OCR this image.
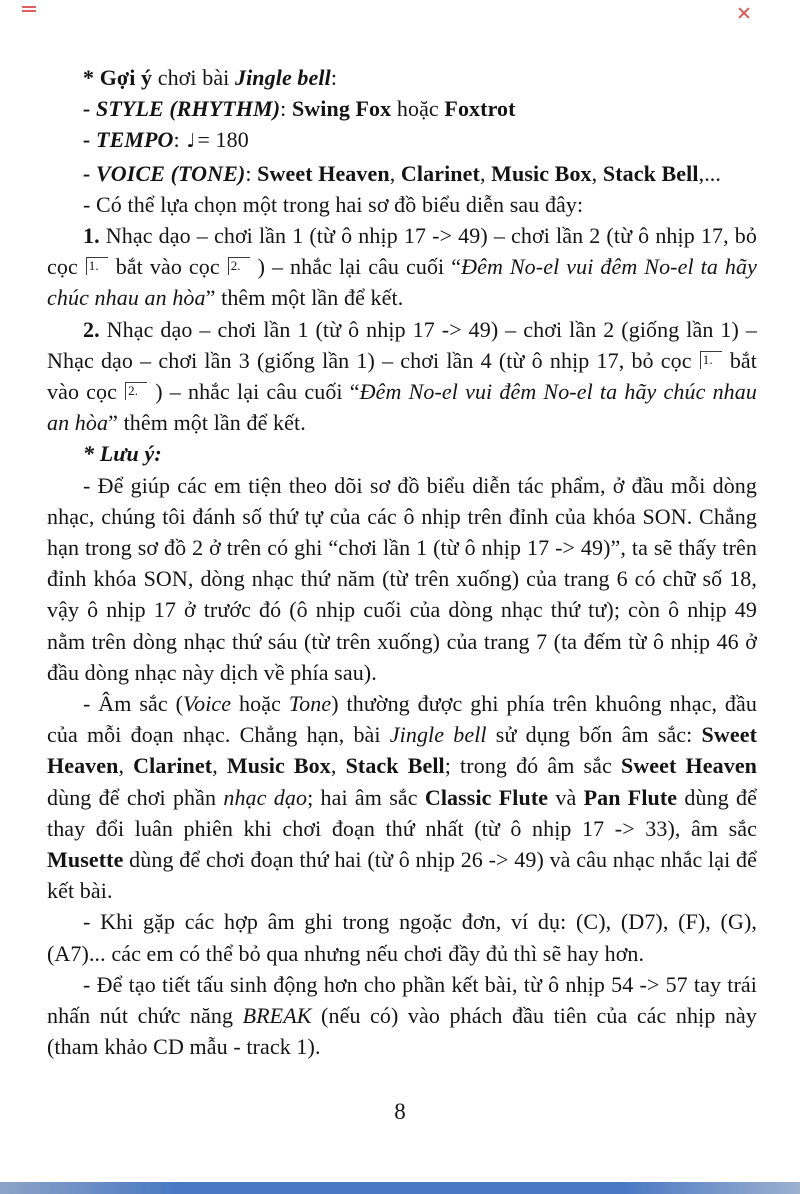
* Gợi ý chơi bài Jingle bell:

- STYLE (RHYTHM): Swing Fox hoặc Foxtrot

- TEMPO: ♩= 180

- VOICE (TONE): Sweet Heaven, Clarinet, Music Box, Stack Bell,...

- Có thể lựa chọn một trong hai sơ đồ biểu diễn sau đây:

1. Nhạc dạo – chơi lần 1 (từ ô nhịp 17 -> 49) – chơi lần 2 (từ ô nhịp 17, bỏ cọc 1. bắt vào cọc 2. ) – nhắc lại câu cuối “Đêm No-el vui đêm No-el ta hãy chúc nhau an hòa” thêm một lần để kết.

2. Nhạc dạo – chơi lần 1 (từ ô nhịp 17 -> 49) – chơi lần 2 (giống lần 1) – Nhạc dạo – chơi lần 3 (giống lần 1) – chơi lần 4 (từ ô nhịp 17, bỏ cọc 1. bắt vào cọc 2. ) – nhắc lại câu cuối “Đêm No-el vui đêm No-el ta hãy chúc nhau an hòa” thêm một lần để kết.

* Lưu ý:

- Để giúp các em tiện theo dõi sơ đồ biểu diễn tác phẩm, ở đầu mỗi dòng nhạc, chúng tôi đánh số thứ tự của các ô nhịp trên đỉnh của khóa SON. Chẳng hạn trong sơ đồ 2 ở trên có ghi “chơi lần 1 (từ ô nhịp 17 -> 49)”, ta sẽ thấy trên đỉnh khóa SON, dòng nhạc thứ năm (từ trên xuống) của trang 6 có chữ số 18, vậy ô nhịp 17 ở trước đó (ô nhịp cuối của dòng nhạc thứ tư); còn ô nhịp 49 nằm trên dòng nhạc thứ sáu (từ trên xuống) của trang 7 (ta đếm từ ô nhịp 46 ở đầu dòng nhạc này dịch về phía sau).

- Âm sắc (Voice hoặc Tone) thường được ghi phía trên khuông nhạc, đầu của mỗi đoạn nhạc. Chẳng hạn, bài Jingle bell sử dụng bốn âm sắc: Sweet Heaven, Clarinet, Music Box, Stack Bell; trong đó âm sắc Sweet Heaven dùng để chơi phần nhạc dạo; hai âm sắc Classic Flute và Pan Flute dùng để thay đổi luân phiên khi chơi đoạn thứ nhất (từ ô nhịp 17 -> 33), âm sắc Musette dùng để chơi đoạn thứ hai (từ ô nhịp 26 -> 49) và câu nhạc nhắc lại để kết bài.

- Khi gặp các hợp âm ghi trong ngoặc đơn, ví dụ: (C), (D7), (F), (G), (A7)... các em có thể bỏ qua nhưng nếu chơi đầy đủ thì sẽ hay hơn.

- Để tạo tiết tấu sinh động hơn cho phần kết bài, từ ô nhịp 54 -> 57 tay trái nhấn nút chức năng BREAK (nếu có) vào phách đầu tiên của các nhịp này (tham khảo CD mẫu - track 1).

8
